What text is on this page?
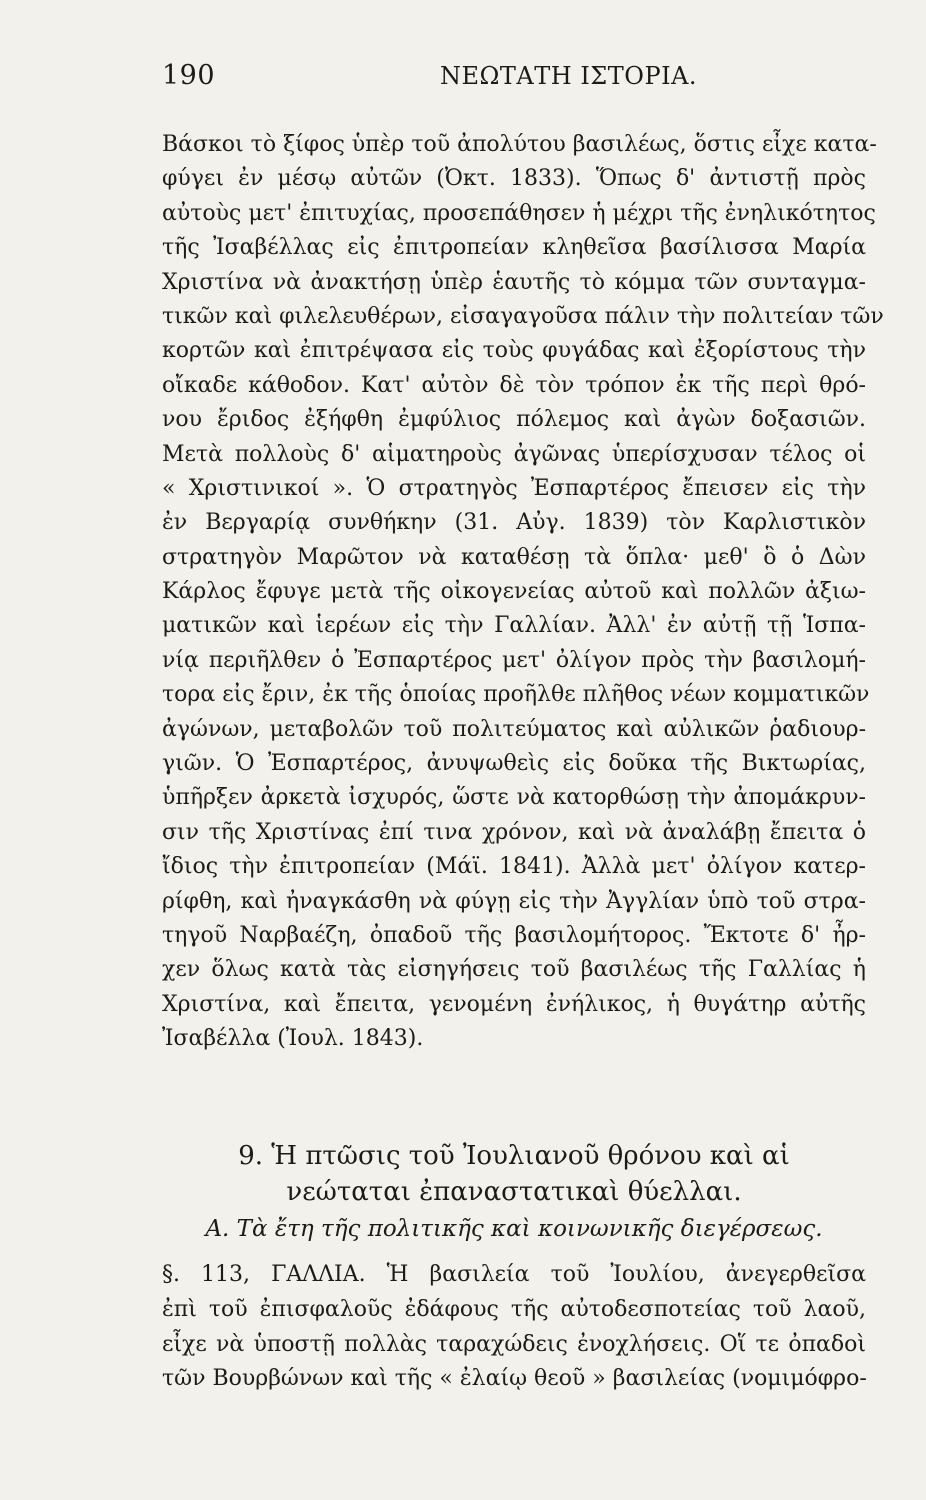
190	ΝΕΩΤΑΤΗ ΙΣΤΟΡΙΑ.
Βάσκοι τὸ ξίφος ὑπὲρ τοῦ ἀπολύτου βασιλέως, ὅστις εἶχε κατα-
φύγει ἐν μέσῳ αὐτῶν (Ὀκτ. 1833). Ὅπως δ' ἀντιστῇ πρὸς
αὐτοὺς μετ' ἐπιτυχίας, προσεπάθησεν ἡ μέχρι τῆς ἐνηλικότητος
τῆς Ἰσαβέλλας εἰς ἐπιτροπείαν κληθεῖσα βασίλισσα Μαρία
Χριστίνα νὰ ἀνακτήσῃ ὑπὲρ ἑαυτῆς τὸ κόμμα τῶν συνταγμα-
τικῶν καὶ φιλελευθέρων, εἰσαγαγοῦσα πάλιν τὴν πολιτείαν τῶν
κορτῶν καὶ ἐπιτρέψασα εἰς τοὺς φυγάδας καὶ ἐξορίστους τὴν
οἴκαδε κάθοδον. Κατ' αὐτὸν δὲ τὸν τρόπον ἐκ τῆς περὶ θρό-
νου ἔριδος ἐξήφθη ἐμφύλιος πόλεμος καὶ ἀγὼν δοξασιῶν.
Μετὰ πολλοὺς δ' αἱματηροὺς ἀγῶνας ὑπερίσχυσαν τέλος οἱ
« Χριστινικοί ». Ὁ στρατηγὸς Ἐσπαρτέρος ἔπεισεν εἰς τὴν
ἐν Βεργαρίᾳ συνθήκην (31. Αὐγ. 1839) τὸν Καρλιστικὸν
στρατηγὸν Μαρῶτον νὰ καταθέσῃ τὰ ὅπλα· μεθ' ὃ ὁ Δὼν
Κάρλος ἔφυγε μετὰ τῆς οἰκογενείας αὐτοῦ καὶ πολλῶν ἀξιω-
ματικῶν καὶ ἱερέων εἰς τὴν Γαλλίαν. Ἀλλ' ἐν αὐτῇ τῇ Ἱσπα-
νίᾳ περιῆλθεν ὁ Ἐσπαρτέρος μετ' ὀλίγον πρὸς τὴν βασιλομή-
τορα εἰς ἔριν, ἐκ τῆς ὁποίας προῆλθε πλῆθος νέων κομματικῶν
ἀγώνων, μεταβολῶν τοῦ πολιτεύματος καὶ αὐλικῶν ῥαδιουρ-
γιῶν. Ὁ Ἐσπαρτέρος, ἀνυψωθεὶς εἰς δοῦκα τῆς Βικτωρίας,
ὑπῆρξεν ἀρκετὰ ἰσχυρός, ὥστε νὰ κατορθώσῃ τὴν ἀπομάκρυν-
σιν τῆς Χριστίνας ἐπί τινα χρόνον, καὶ νὰ ἀναλάβῃ ἔπειτα ὁ
ἴδιος τὴν ἐπιτροπείαν (Μάϊ. 1841). Ἀλλὰ μετ' ὀλίγον κατερ-
ρίφθη, καὶ ἠναγκάσθη νὰ φύγῃ εἰς τὴν Ἀγγλίαν ὑπὸ τοῦ στρα-
τηγοῦ Ναρβαέζη, ὀπαδοῦ τῆς βασιλομήτορος. Ἔκτοτε δ' ἦρ-
χεν ὅλως κατὰ τὰς εἰσηγήσεις τοῦ βασιλέως τῆς Γαλλίας ἡ
Χριστίνα, καὶ ἔπειτα, γενομένη ἐνήλικος, ἡ θυγάτηρ αὐτῆς
Ἰσαβέλλα (Ἰουλ. 1843).
9. Ἡ πτῶσις τοῦ Ἰουλιανοῦ θρόνου καὶ αἱ
νεώταται ἐπαναστατικαὶ θύελλαι.
Α. Τὰ ἔτη τῆς πολιτικῆς καὶ κοινωνικῆς διεγέρσεως.
§. 113, ΓΑΛΛΙΑ. Ἡ βασιλεία τοῦ Ἰουλίου, ἀνεγερθεῖσα
ἐπὶ τοῦ ἐπισφαλοῦς ἐδάφους τῆς αὐτοδεσποτείας τοῦ λαοῦ,
εἶχε νὰ ὑποστῇ πολλὰς ταραχώδεις ἐνοχλήσεις. Οἵ τε ὀπαδοὶ
τῶν Βουρβώνων καὶ τῆς « ἐλαίῳ θεοῦ » βασιλείας (νομιμόφρο-
